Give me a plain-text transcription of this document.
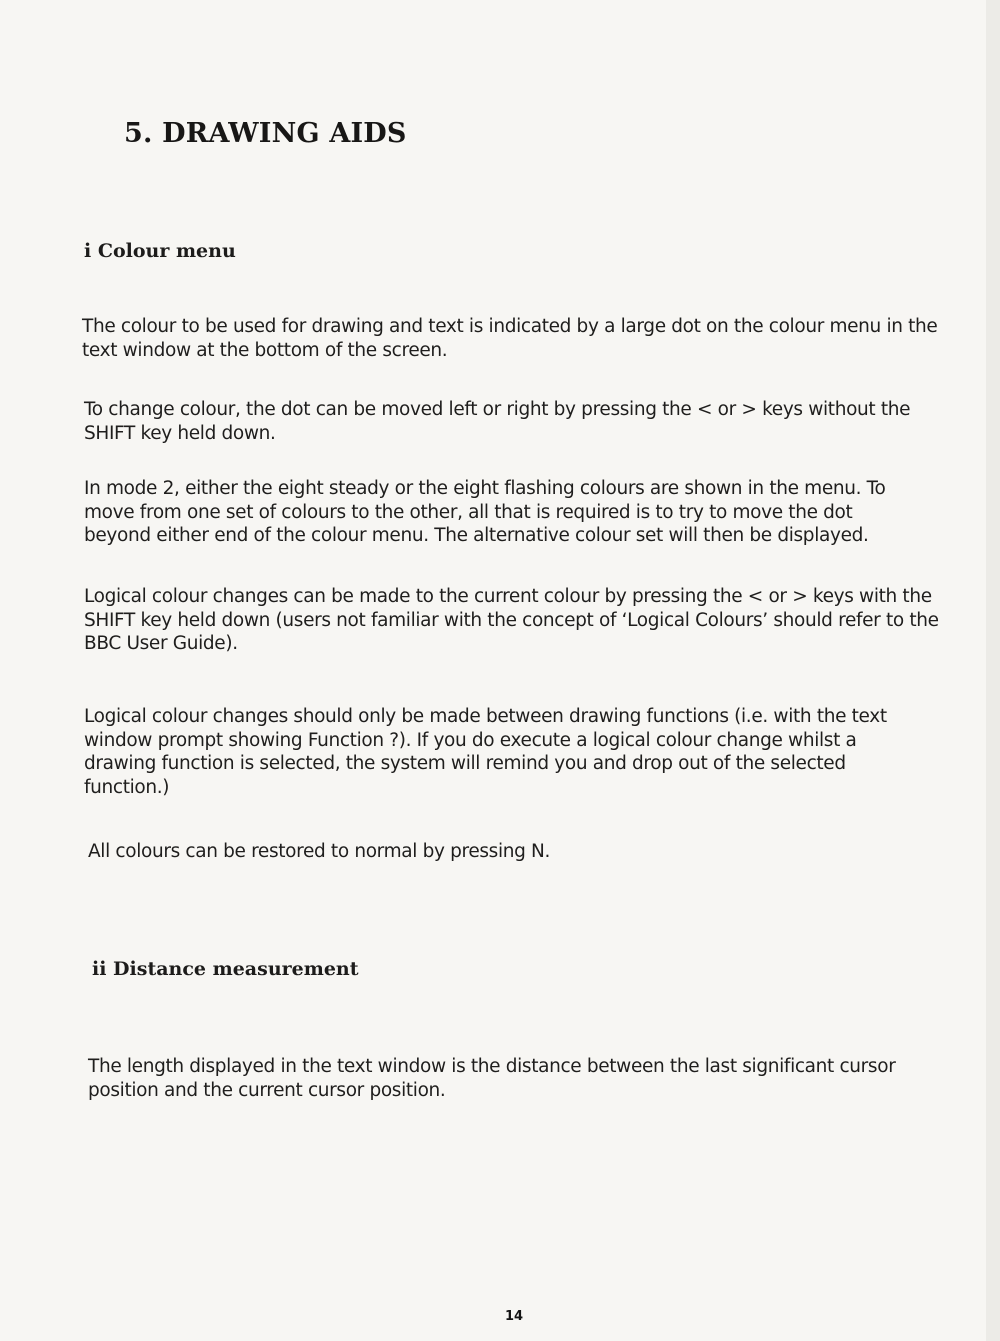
5. DRAWING AIDS
i Colour menu

The colour to be used for drawing and text is indicated by a large dot on the colour menu in the text window at the bottom of the screen.

To change colour, the dot can be moved left or right by pressing the < or > keys without the SHIFT key held down.

In mode 2, either the eight steady or the eight flashing colours are shown in the menu. To move from one set of colours to the other, all that is required is to try to move the dot beyond either end of the colour menu. The alternative colour set will then be displayed.

Logical colour changes can be made to the current colour by pressing the < or > keys with the SHIFT key held down (users not familiar with the concept of ‘Logical Colours’ should refer to the BBC User Guide).

Logical colour changes should only be made between drawing functions (i.e. with the text window prompt showing Function ?). If you do execute a logical colour change whilst a drawing function is selected, the system will remind you and drop out of the selected function.)

All colours can be restored to normal by pressing N.

ii Distance measurement

The length displayed in the text window is the distance between the last significant cursor position and the current cursor position.

14
